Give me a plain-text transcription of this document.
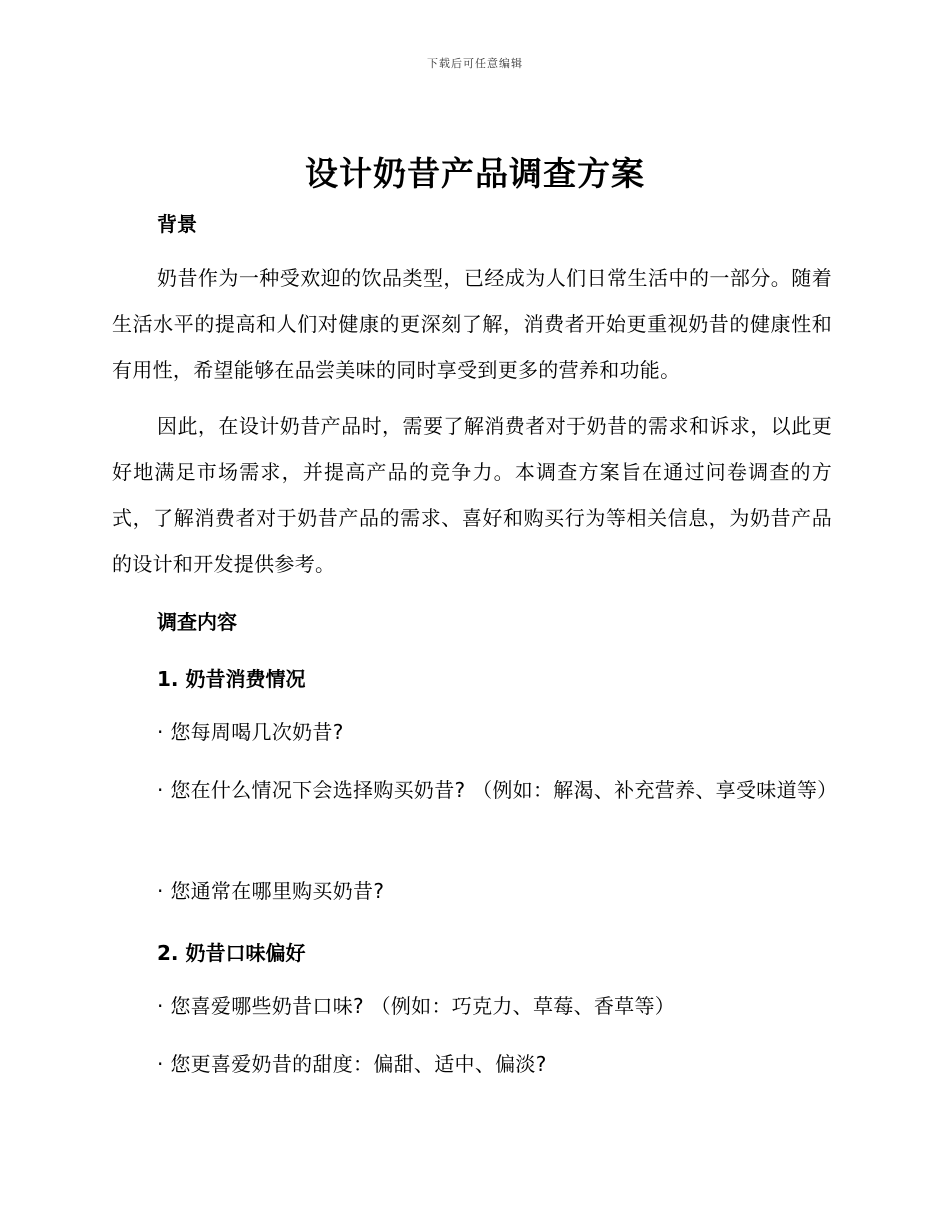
下载后可任意编辑
设计奶昔产品调查方案
背景
奶昔作为一种受欢迎的饮品类型，已经成为人们日常生活中的一部分。随着生活水平的提高和人们对健康的更深刻了解，消费者开始更重视奶昔的健康性和有用性，希望能够在品尝美味的同时享受到更多的营养和功能。
因此，在设计奶昔产品时，需要了解消费者对于奶昔的需求和诉求，以此更好地满足市场需求，并提高产品的竞争力。本调查方案旨在通过问卷调查的方式，了解消费者对于奶昔产品的需求、喜好和购买行为等相关信息，为奶昔产品的设计和开发提供参考。
调查内容
1. 奶昔消费情况
· 您每周喝几次奶昔?
· 您在什么情况下会选择购买奶昔? （例如：解渴、补充营养、享受味道等）
· 您通常在哪里购买奶昔?
2. 奶昔口味偏好
· 您喜爱哪些奶昔口味? （例如：巧克力、草莓、香草等）
· 您更喜爱奶昔的甜度：偏甜、适中、偏淡?
